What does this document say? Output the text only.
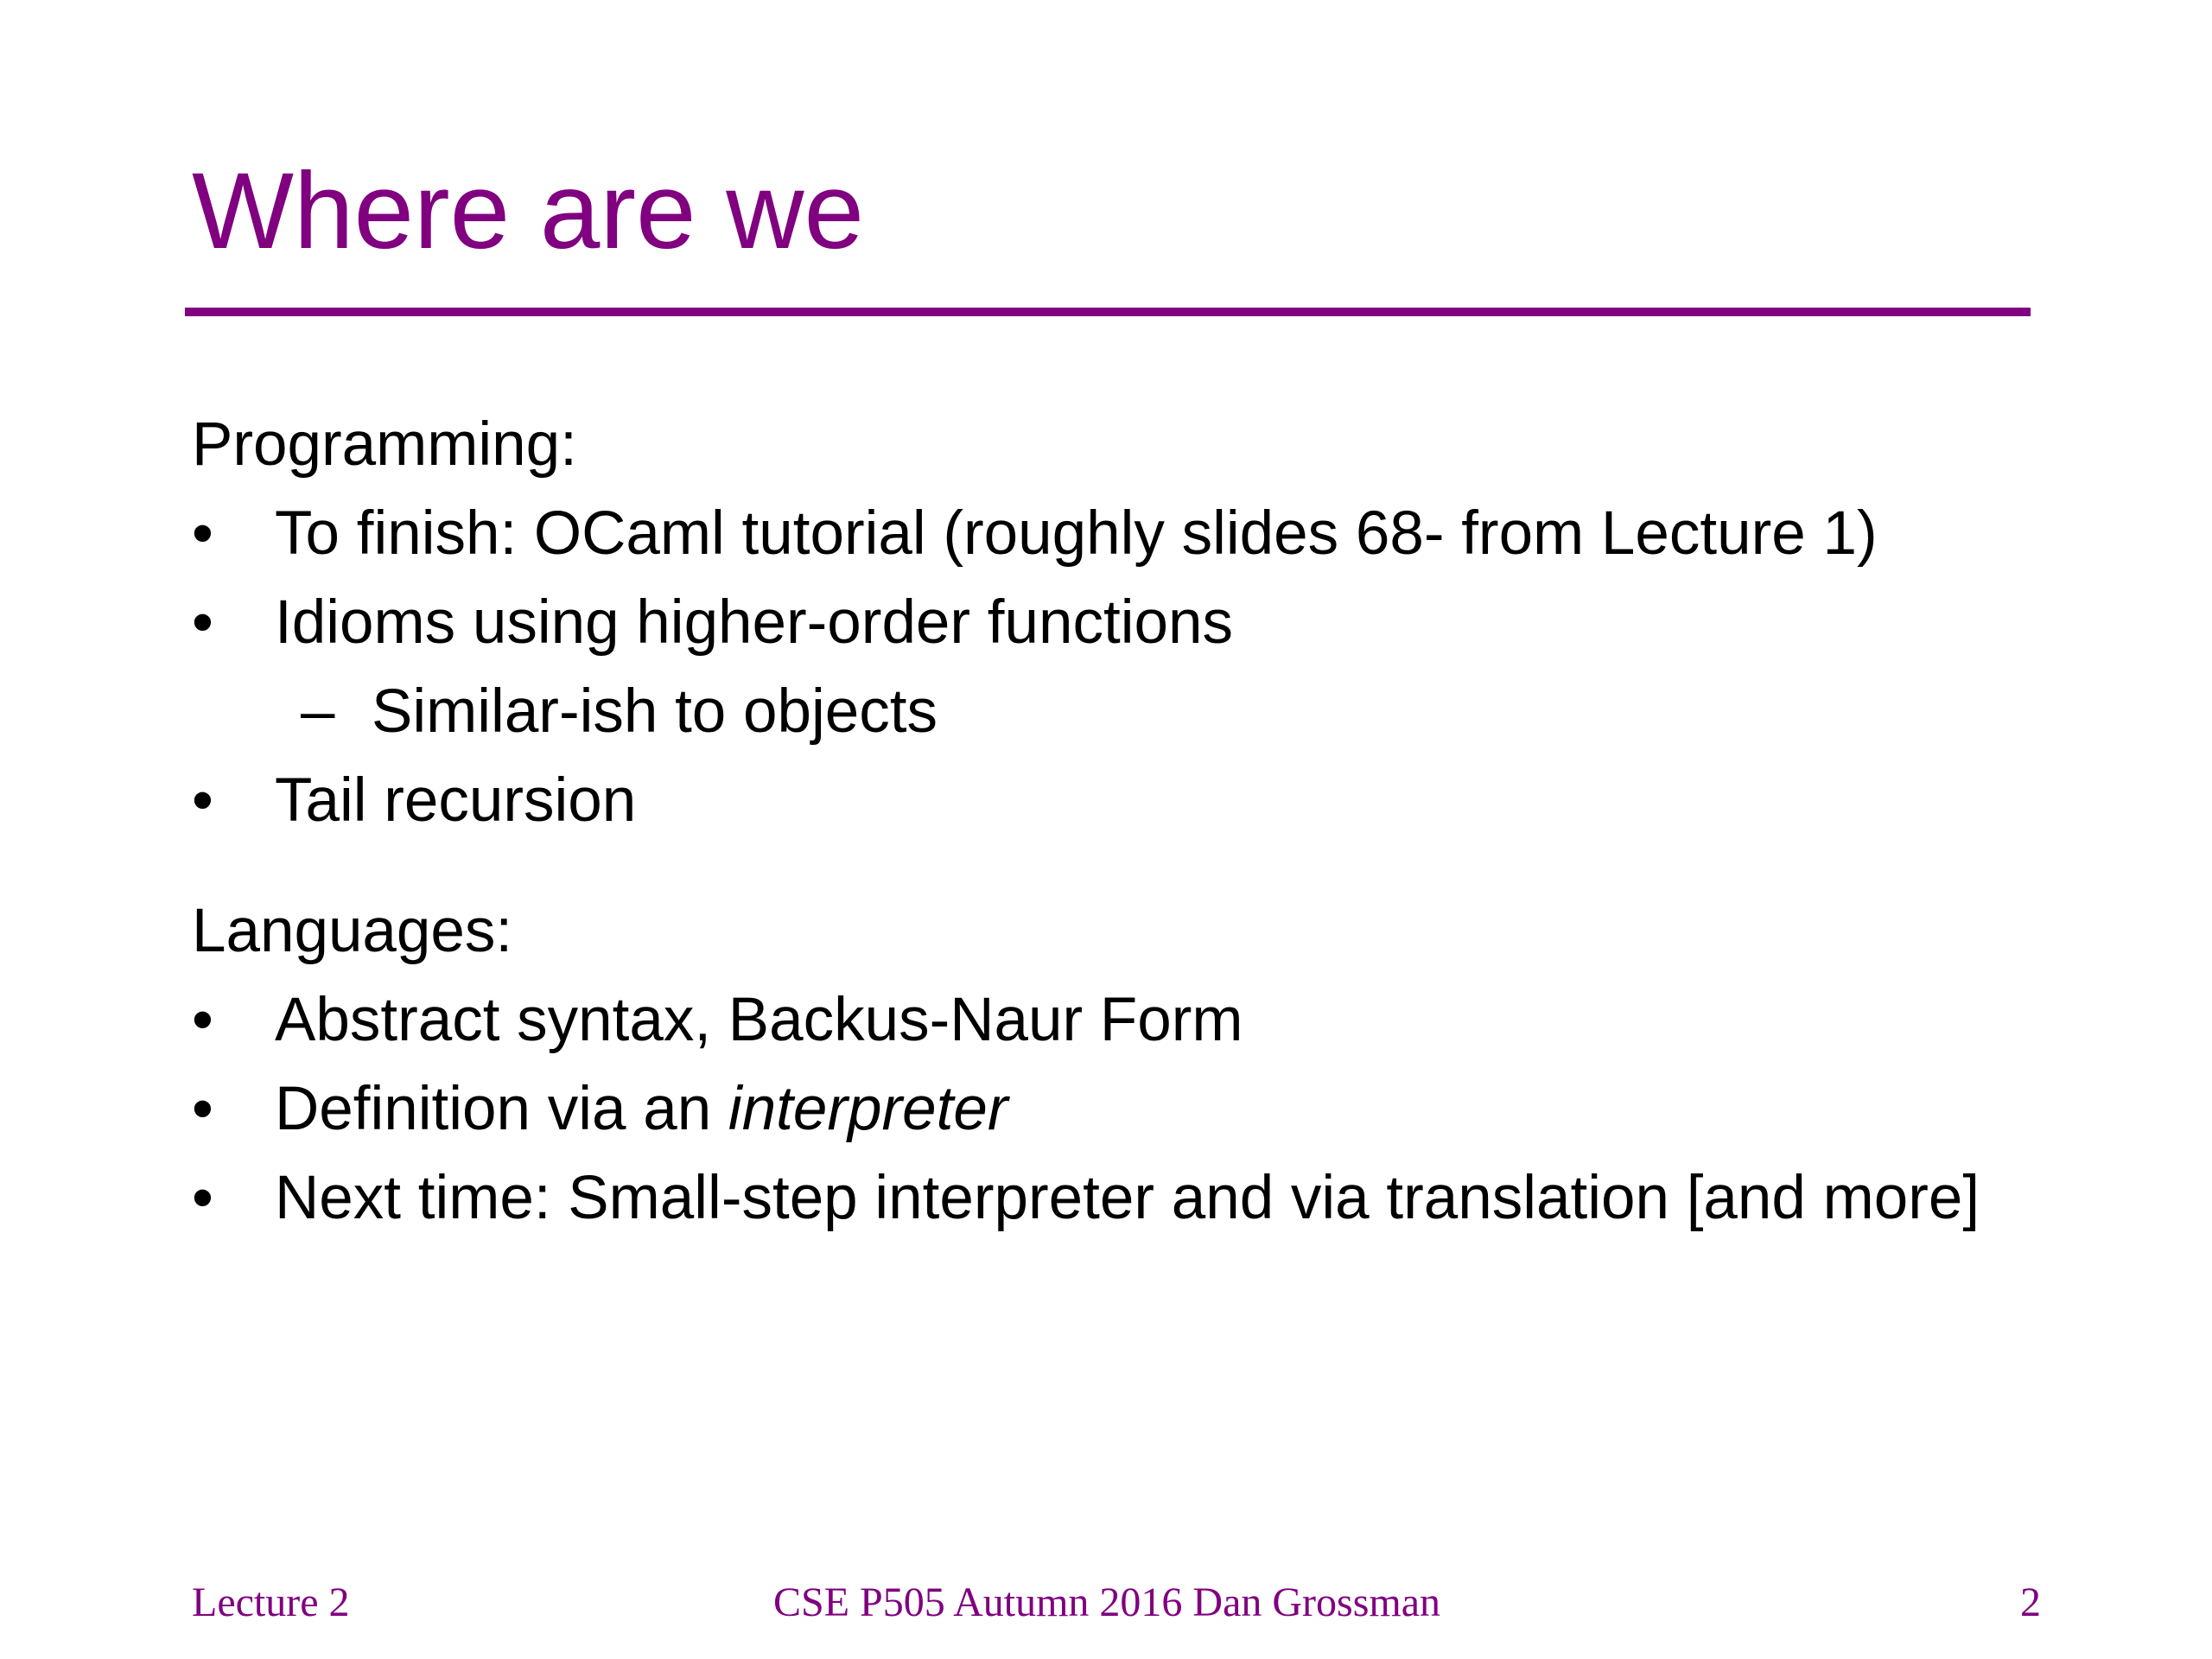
Where are we
Programming:
•	To finish: OCaml tutorial (roughly slides 68- from Lecture 1)
•	Idioms using higher-order functions
– Similar-ish to objects
•	Tail recursion
Languages:
•	Abstract syntax, Backus-Naur Form
•	Definition via an interpreter
•	Next time: Small-step interpreter and via translation [and more]
Lecture 2	CSE P505 Autumn 2016 Dan Grossman	2
